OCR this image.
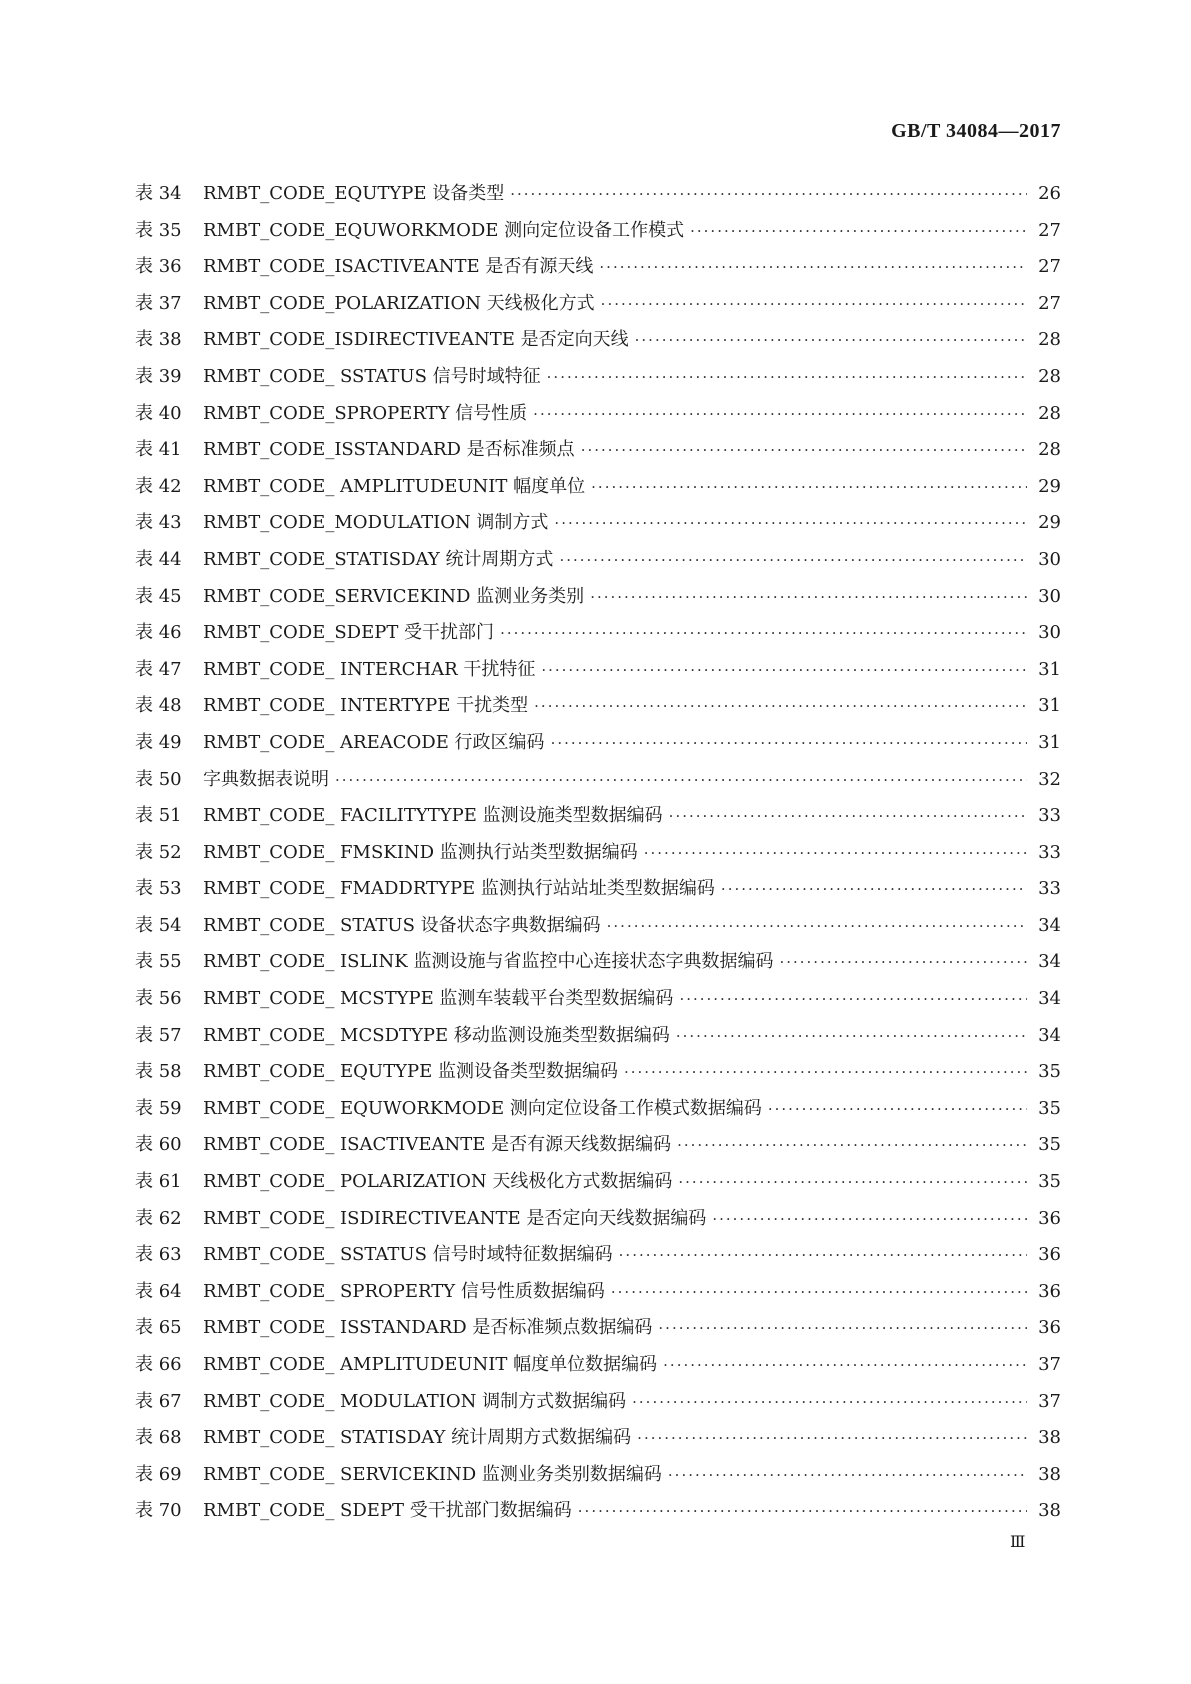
GB/T 34084—2017
表 34	RMBT_CODE_EQUTYPE 设备类型 ·····	26
表 35	RMBT_CODE_EQUWORKMODE 测向定位设备工作模式 ·····	27
表 36	RMBT_CODE_ISACTIVEANTE 是否有源天线 ·····	27
表 37	RMBT_CODE_POLARIZATION 天线极化方式 ·····	27
表 38	RMBT_CODE_ISDIRECTIVEANTE 是否定向天线 ·····	28
表 39	RMBT_CODE_ SSTATUS 信号时域特征 ·····	28
表 40	RMBT_CODE_SPROPERTY 信号性质 ·····	28
表 41	RMBT_CODE_ISSTANDARD 是否标准频点 ·····	28
表 42	RMBT_CODE_ AMPLITUDEUNIT 幅度单位 ·····	29
表 43	RMBT_CODE_MODULATION 调制方式 ·····	29
表 44	RMBT_CODE_STATISDAY 统计周期方式 ·····	30
表 45	RMBT_CODE_SERVICEKIND 监测业务类别 ·····	30
表 46	RMBT_CODE_SDEPT 受干扰部门 ·····	30
表 47	RMBT_CODE_ INTERCHAR 干扰特征 ·····	31
表 48	RMBT_CODE_ INTERTYPE 干扰类型 ·····	31
表 49	RMBT_CODE_ AREACODE 行政区编码 ·····	31
表 50	字典数据表说明 ·····	32
表 51	RMBT_CODE_ FACILITYTYPE 监测设施类型数据编码 ·····	33
表 52	RMBT_CODE_ FMSKIND 监测执行站类型数据编码 ·····	33
表 53	RMBT_CODE_ FMADDRTYPE 监测执行站站址类型数据编码 ·····	33
表 54	RMBT_CODE_ STATUS 设备状态字典数据编码 ·····	34
表 55	RMBT_CODE_ ISLINK 监测设施与省监控中心连接状态字典数据编码 ·····	34
表 56	RMBT_CODE_ MCSTYPE 监测车装载平台类型数据编码 ·····	34
表 57	RMBT_CODE_ MCSDTYPE 移动监测设施类型数据编码 ·····	34
表 58	RMBT_CODE_ EQUTYPE 监测设备类型数据编码 ·····	35
表 59	RMBT_CODE_ EQUWORKMODE 测向定位设备工作模式数据编码 ·····	35
表 60	RMBT_CODE_ ISACTIVEANTE 是否有源天线数据编码 ·····	35
表 61	RMBT_CODE_ POLARIZATION 天线极化方式数据编码 ·····	35
表 62	RMBT_CODE_ ISDIRECTIVEANTE 是否定向天线数据编码 ·····	36
表 63	RMBT_CODE_ SSTATUS 信号时域特征数据编码 ·····	36
表 64	RMBT_CODE_ SPROPERTY 信号性质数据编码 ·····	36
表 65	RMBT_CODE_ ISSTANDARD 是否标准频点数据编码 ·····	36
表 66	RMBT_CODE_ AMPLITUDEUNIT 幅度单位数据编码 ·····	37
表 67	RMBT_CODE_ MODULATION 调制方式数据编码 ·····	37
表 68	RMBT_CODE_ STATISDAY 统计周期方式数据编码 ·····	38
表 69	RMBT_CODE_ SERVICEKIND 监测业务类别数据编码 ·····	38
表 70	RMBT_CODE_ SDEPT 受干扰部门数据编码 ·····	38
Ⅲ
